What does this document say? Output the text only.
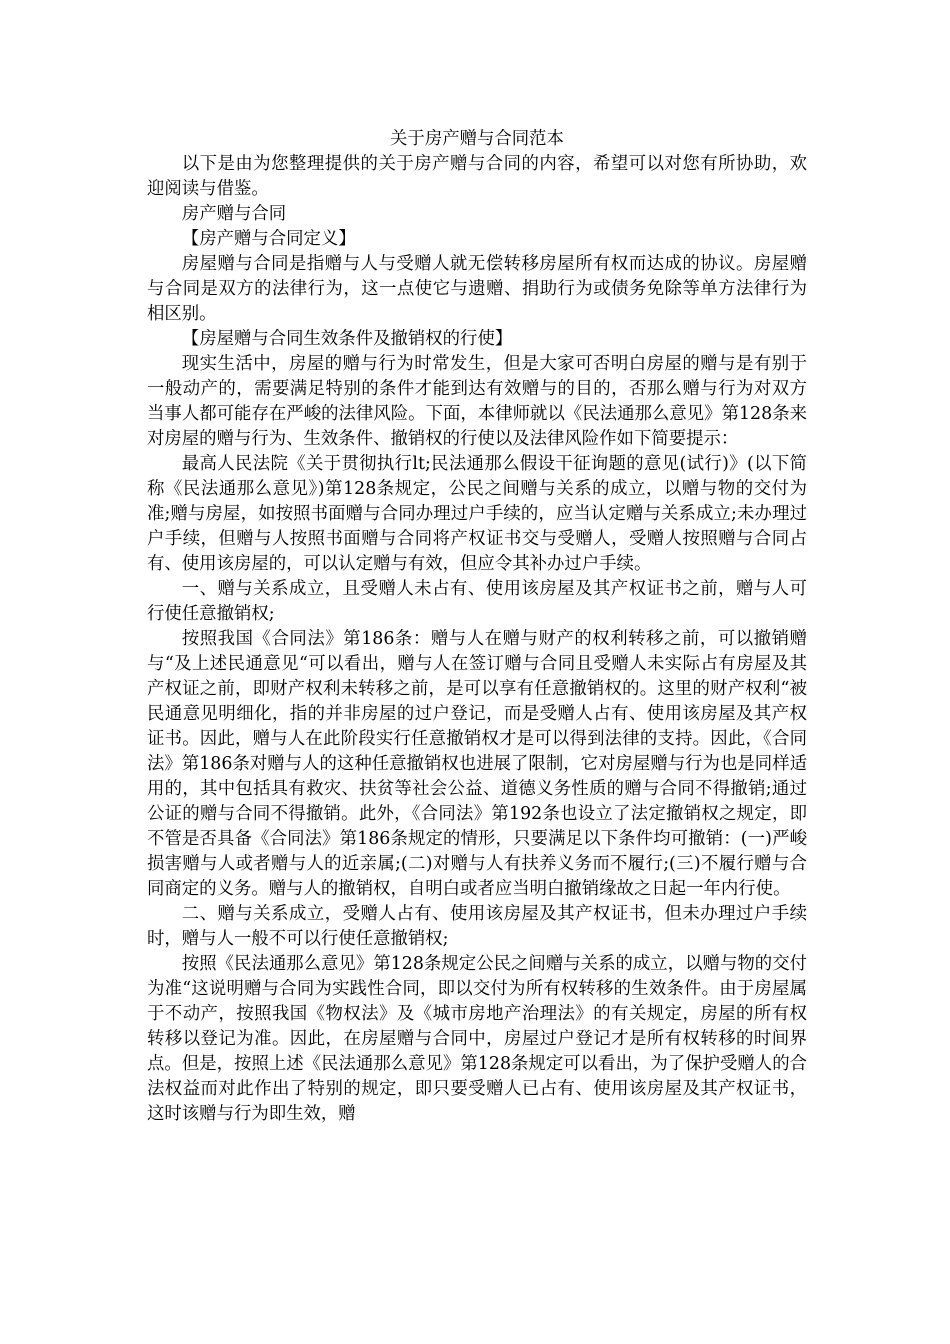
关于房产赠与合同范本

以下是由为您整理提供的关于房产赠与合同的内容，希望可以对您有所协助，欢迎阅读与借鉴。

房产赠与合同

【房产赠与合同定义】

房屋赠与合同是指赠与人与受赠人就无偿转移房屋所有权而达成的协议。房屋赠与合同是双方的法律行为，这一点使它与遗赠、捐助行为或债务免除等单方法律行为相区别。

【房屋赠与合同生效条件及撤销权的行使】

现实生活中，房屋的赠与行为时常发生，但是大家可否明白房屋的赠与是有别于一般动产的，需要满足特别的条件才能到达有效赠与的目的，否那么赠与行为对双方当事人都可能存在严峻的法律风险。下面，本律师就以《民法通那么意见》第128条来对房屋的赠与行为、生效条件、撤销权的行使以及法律风险作如下简要提示：

最高人民法院《关于贯彻执行lt;民法通那么假设干征询题的意见(试行)》(以下简称《民法通那么意见》)第128条规定，公民之间赠与关系的成立，以赠与物的交付为准;赠与房屋，如按照书面赠与合同办理过户手续的，应当认定赠与关系成立;未办理过户手续，但赠与人按照书面赠与合同将产权证书交与受赠人，受赠人按照赠与合同占有、使用该房屋的，可以认定赠与有效，但应令其补办过户手续。

一、赠与关系成立，且受赠人未占有、使用该房屋及其产权证书之前，赠与人可行使任意撤销权;

按照我国《合同法》第186条：赠与人在赠与财产的权利转移之前，可以撤销赠与“及上述民通意见“可以看出，赠与人在签订赠与合同且受赠人未实际占有房屋及其产权证之前，即财产权利未转移之前，是可以享有任意撤销权的。这里的财产权利“被民通意见明细化，指的并非房屋的过户登记，而是受赠人占有、使用该房屋及其产权证书。因此，赠与人在此阶段实行任意撤销权才是可以得到法律的支持。因此，《合同法》第186条对赠与人的这种任意撤销权也进展了限制，它对房屋赠与行为也是同样适用的，其中包括具有救灾、扶贫等社会公益、道德义务性质的赠与合同不得撤销;通过公证的赠与合同不得撤销。此外，《合同法》第192条也设立了法定撤销权之规定，即不管是否具备《合同法》第186条规定的情形，只要满足以下条件均可撤销：(一)严峻损害赠与人或者赠与人的近亲属;(二)对赠与人有扶养义务而不履行;(三)不履行赠与合同商定的义务。赠与人的撤销权，自明白或者应当明白撤销缘故之日起一年内行使。

二、赠与关系成立，受赠人占有、使用该房屋及其产权证书，但未办理过户手续时，赠与人一般不可以行使任意撤销权;

按照《民法通那么意见》第128条规定公民之间赠与关系的成立，以赠与物的交付为准“这说明赠与合同为实践性合同，即以交付为所有权转移的生效条件。由于房屋属于不动产，按照我国《物权法》及《城市房地产治理法》的有关规定，房屋的所有权转移以登记为准。因此，在房屋赠与合同中，房屋过户登记才是所有权转移的时间界点。但是，按照上述《民法通那么意见》第128条规定可以看出，为了保护受赠人的合法权益而对此作出了特别的规定，即只要受赠人已占有、使用该房屋及其产权证书，这时该赠与行为即生效，赠
